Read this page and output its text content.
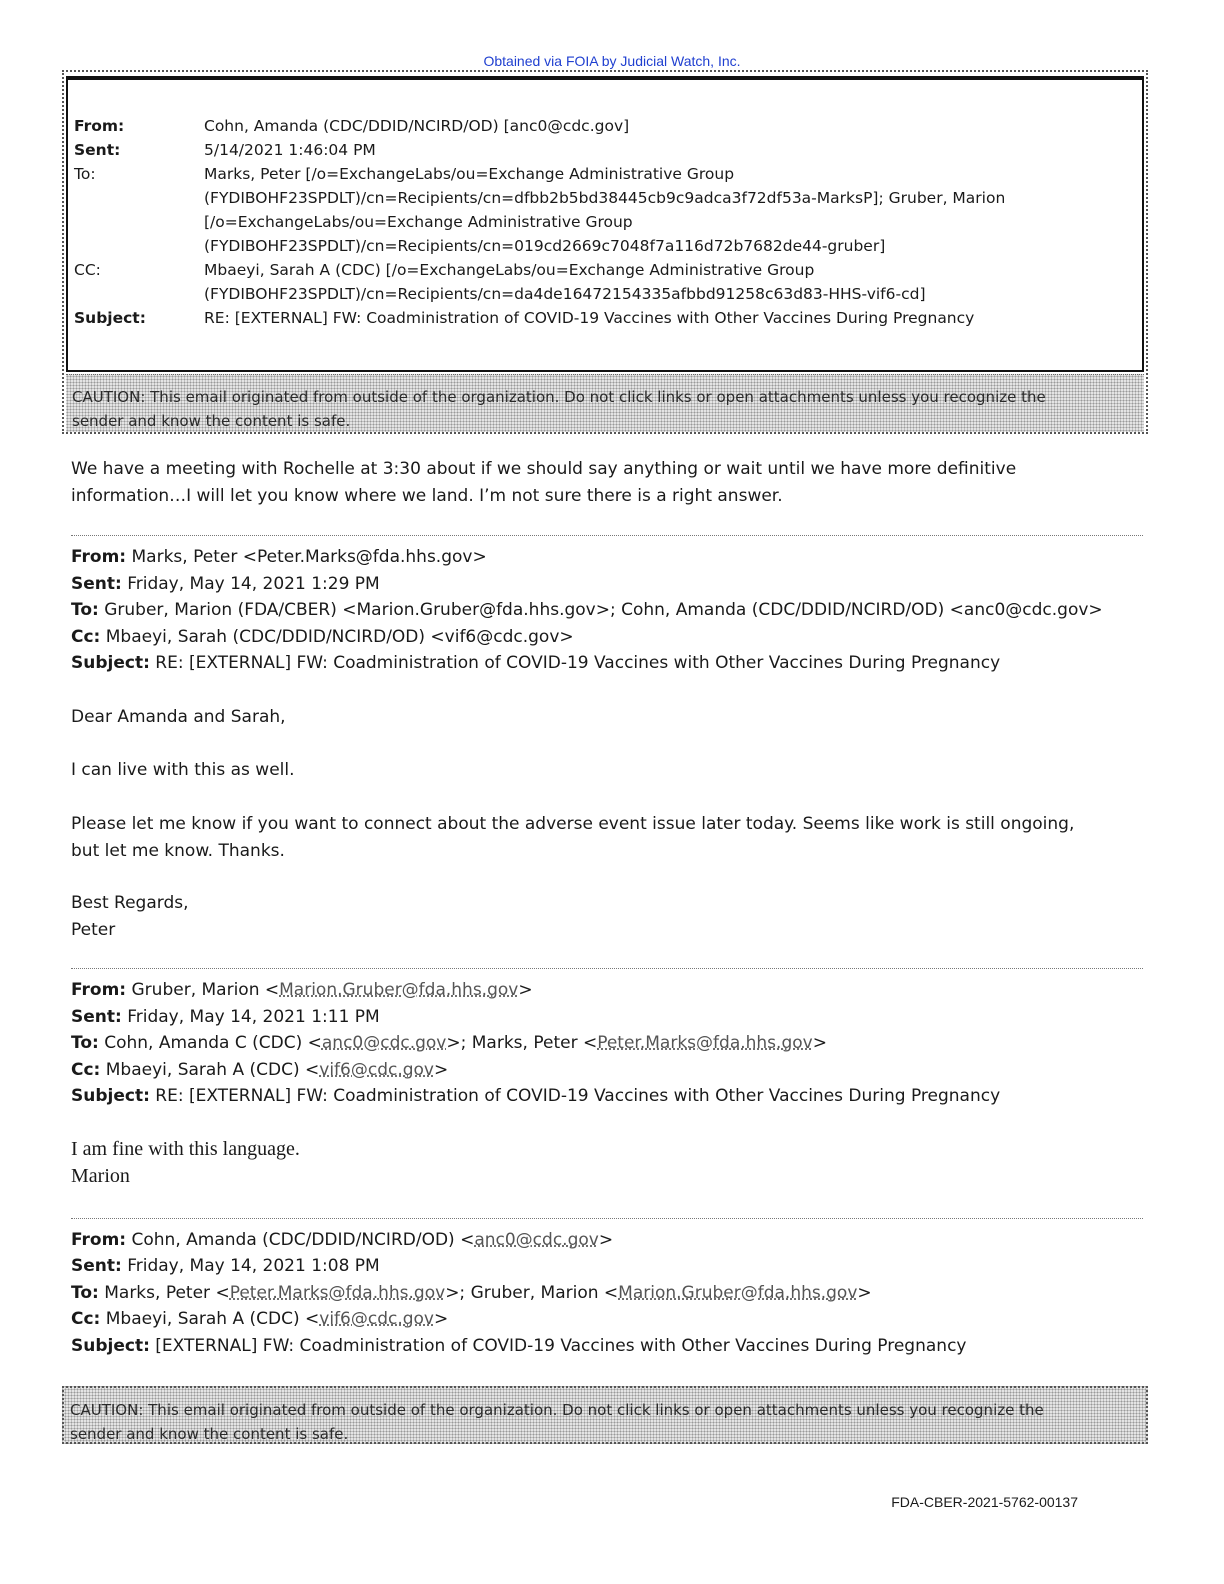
Obtained via FOIA by Judicial Watch, Inc.
From:	Cohn, Amanda (CDC/DDID/NCIRD/OD) [anc0@cdc.gov]
Sent:	5/14/2021 1:46:04 PM
To:	Marks, Peter [/o=ExchangeLabs/ou=Exchange Administrative Group
(FYDIBOHF23SPDLT)/cn=Recipients/cn=dfbb2b5bd38445cb9c9adca3f72df53a-MarksP]; Gruber, Marion
[/o=ExchangeLabs/ou=Exchange Administrative Group
(FYDIBOHF23SPDLT)/cn=Recipients/cn=019cd2669c7048f7a116d72b7682de44-gruber]
CC:	Mbaeyi, Sarah A (CDC) [/o=ExchangeLabs/ou=Exchange Administrative Group
(FYDIBOHF23SPDLT)/cn=Recipients/cn=da4de16472154335afbbd91258c63d83-HHS-vif6-cd]
Subject:	RE: [EXTERNAL] FW: Coadministration of COVID-19 Vaccines with Other Vaccines During Pregnancy
CAUTION: This email originated from outside of the organization. Do not click links or open attachments unless you recognize the
sender and know the content is safe.
We have a meeting with Rochelle at 3:30 about if we should say anything or wait until we have more definitive
information…I will let you know where we land. I’m not sure there is a right answer.
From: Marks, Peter <Peter.Marks@fda.hhs.gov>
Sent: Friday, May 14, 2021 1:29 PM
To: Gruber, Marion (FDA/CBER) <Marion.Gruber@fda.hhs.gov>; Cohn, Amanda (CDC/DDID/NCIRD/OD) <anc0@cdc.gov>
Cc: Mbaeyi, Sarah (CDC/DDID/NCIRD/OD) <vif6@cdc.gov>
Subject: RE: [EXTERNAL] FW: Coadministration of COVID-19 Vaccines with Other Vaccines During Pregnancy
Dear Amanda and Sarah,
I can live with this as well.
Please let me know if you want to connect about the adverse event issue later today. Seems like work is still ongoing,
but let me know. Thanks.
Best Regards,
Peter
From: Gruber, Marion <Marion.Gruber@fda.hhs.gov>
Sent: Friday, May 14, 2021 1:11 PM
To: Cohn, Amanda C (CDC) <anc0@cdc.gov>; Marks, Peter <Peter.Marks@fda.hhs.gov>
Cc: Mbaeyi, Sarah A (CDC) <vif6@cdc.gov>
Subject: RE: [EXTERNAL] FW: Coadministration of COVID-19 Vaccines with Other Vaccines During Pregnancy
I am fine with this language.
Marion
From: Cohn, Amanda (CDC/DDID/NCIRD/OD) <anc0@cdc.gov>
Sent: Friday, May 14, 2021 1:08 PM
To: Marks, Peter <Peter.Marks@fda.hhs.gov>; Gruber, Marion <Marion.Gruber@fda.hhs.gov>
Cc: Mbaeyi, Sarah A (CDC) <vif6@cdc.gov>
Subject: [EXTERNAL] FW: Coadministration of COVID-19 Vaccines with Other Vaccines During Pregnancy
CAUTION: This email originated from outside of the organization. Do not click links or open attachments unless you recognize the
sender and know the content is safe.
FDA-CBER-2021-5762-00137
